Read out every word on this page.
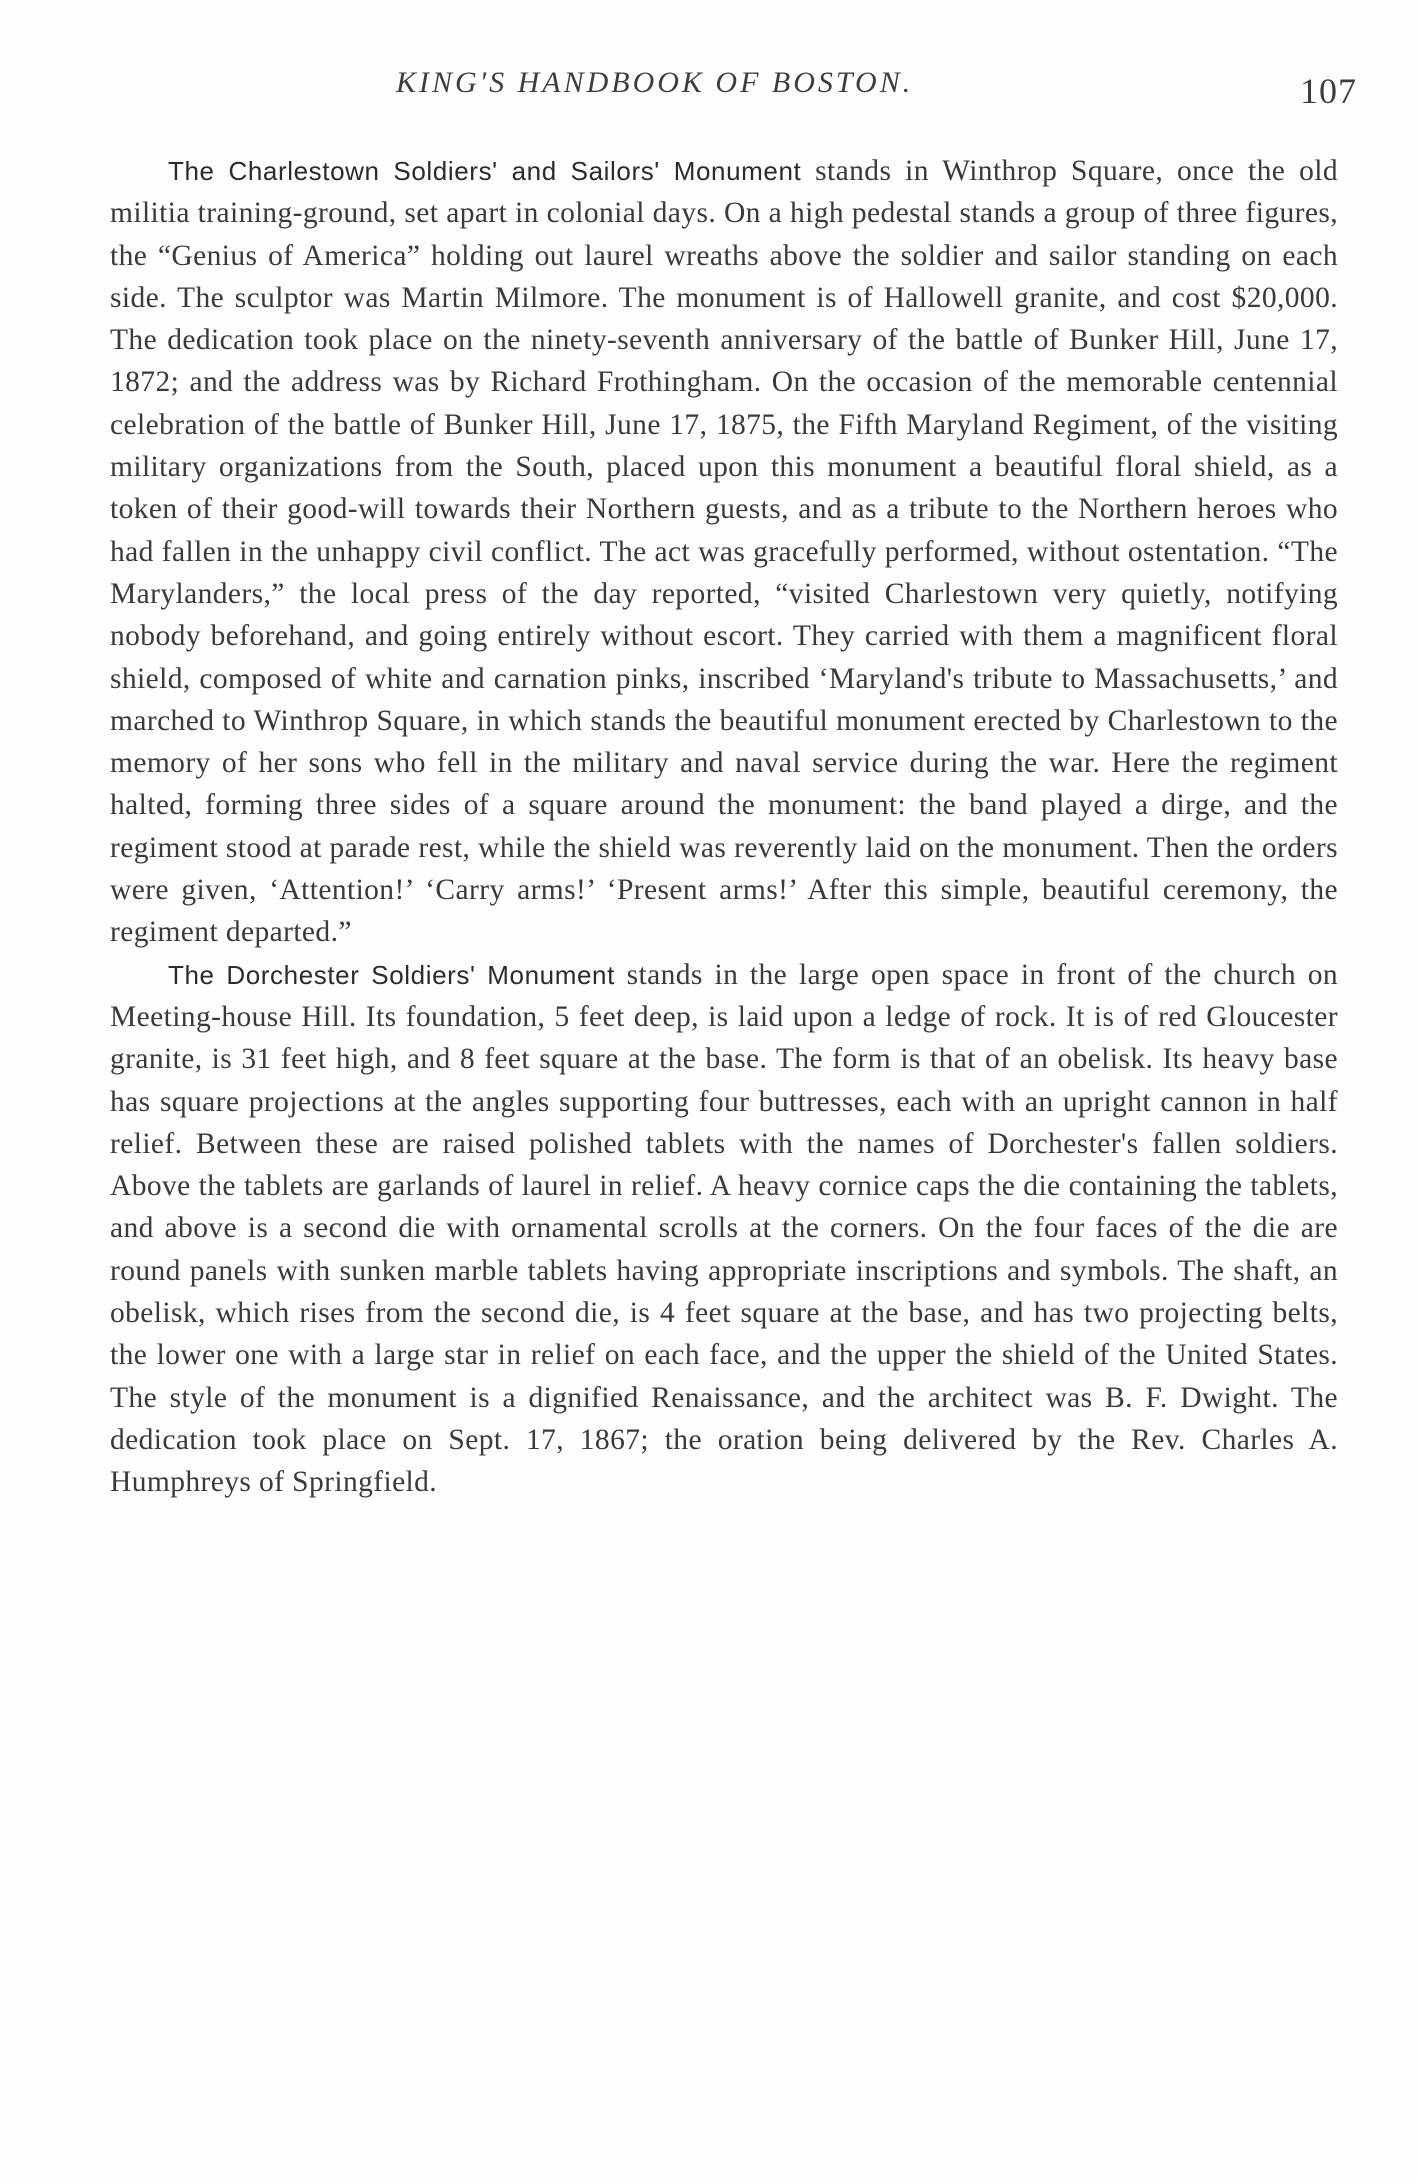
KING'S HANDBOOK OF BOSTON.	107

The Charlestown Soldiers' and Sailors' Monument stands in Winthrop Square, once the old militia training-ground, set apart in colonial days. On a high pedestal stands a group of three figures, the “Genius of America” holding out laurel wreaths above the soldier and sailor standing on each side. The sculptor was Martin Milmore. The monument is of Hallowell granite, and cost $20,000. The dedication took place on the ninety-seventh anniversary of the battle of Bunker Hill, June 17, 1872; and the address was by Richard Frothingham. On the occasion of the memorable centennial celebration of the battle of Bunker Hill, June 17, 1875, the Fifth Maryland Regiment, of the visiting military organizations from the South, placed upon this monument a beautiful floral shield, as a token of their good-will towards their Northern guests, and as a tribute to the Northern heroes who had fallen in the unhappy civil conflict. The act was gracefully performed, without ostentation. “The Marylanders,” the local press of the day reported, “visited Charlestown very quietly, notifying nobody beforehand, and going entirely without escort. They carried with them a magnificent floral shield, composed of white and carnation pinks, inscribed ‘Maryland's tribute to Massachusetts,’ and marched to Winthrop Square, in which stands the beautiful monument erected by Charlestown to the memory of her sons who fell in the military and naval service during the war. Here the regiment halted, forming three sides of a square around the monument: the band played a dirge, and the regiment stood at parade rest, while the shield was reverently laid on the monument. Then the orders were given, ‘Attention!’ ‘Carry arms!’ ‘Present arms!’ After this simple, beautiful ceremony, the regiment departed.”

The Dorchester Soldiers' Monument stands in the large open space in front of the church on Meeting-house Hill. Its foundation, 5 feet deep, is laid upon a ledge of rock. It is of red Gloucester granite, is 31 feet high, and 8 feet square at the base. The form is that of an obelisk. Its heavy base has square projections at the angles supporting four buttresses, each with an upright cannon in half relief. Between these are raised polished tablets with the names of Dorchester's fallen soldiers. Above the tablets are garlands of laurel in relief. A heavy cornice caps the die containing the tablets, and above is a second die with ornamental scrolls at the corners. On the four faces of the die are round panels with sunken marble tablets having appropriate inscriptions and symbols. The shaft, an obelisk, which rises from the second die, is 4 feet square at the base, and has two projecting belts, the lower one with a large star in relief on each face, and the upper the shield of the United States. The style of the monument is a dignified Renaissance, and the architect was B. F. Dwight. The dedication took place on Sept. 17, 1867; the oration being delivered by the Rev. Charles A. Humphreys of Springfield.
